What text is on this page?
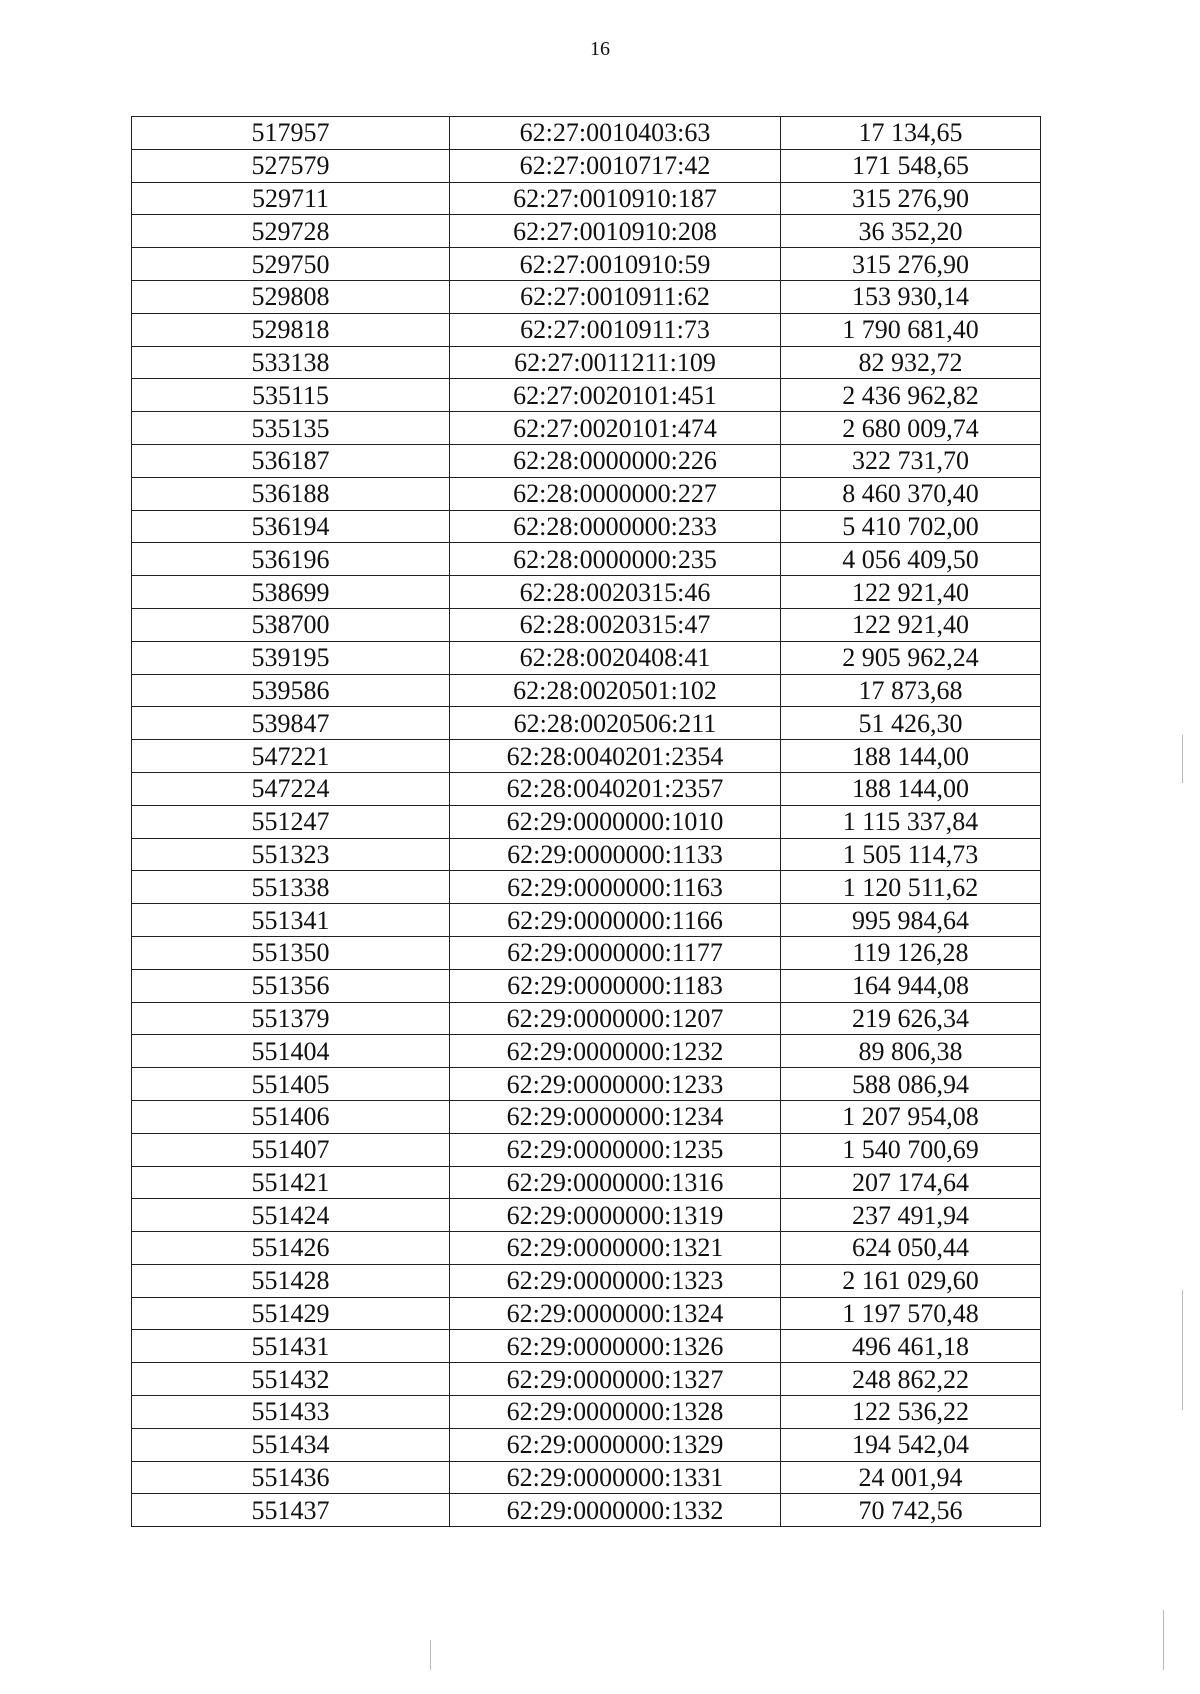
16
517957	62:27:0010403:63	17 134,65
527579	62:27:0010717:42	171 548,65
529711	62:27:0010910:187	315 276,90
529728	62:27:0010910:208	36 352,20
529750	62:27:0010910:59	315 276,90
529808	62:27:0010911:62	153 930,14
529818	62:27:0010911:73	1 790 681,40
533138	62:27:0011211:109	82 932,72
535115	62:27:0020101:451	2 436 962,82
535135	62:27:0020101:474	2 680 009,74
536187	62:28:0000000:226	322 731,70
536188	62:28:0000000:227	8 460 370,40
536194	62:28:0000000:233	5 410 702,00
536196	62:28:0000000:235	4 056 409,50
538699	62:28:0020315:46	122 921,40
538700	62:28:0020315:47	122 921,40
539195	62:28:0020408:41	2 905 962,24
539586	62:28:0020501:102	17 873,68
539847	62:28:0020506:211	51 426,30
547221	62:28:0040201:2354	188 144,00
547224	62:28:0040201:2357	188 144,00
551247	62:29:0000000:1010	1 115 337,84
551323	62:29:0000000:1133	1 505 114,73
551338	62:29:0000000:1163	1 120 511,62
551341	62:29:0000000:1166	995 984,64
551350	62:29:0000000:1177	119 126,28
551356	62:29:0000000:1183	164 944,08
551379	62:29:0000000:1207	219 626,34
551404	62:29:0000000:1232	89 806,38
551405	62:29:0000000:1233	588 086,94
551406	62:29:0000000:1234	1 207 954,08
551407	62:29:0000000:1235	1 540 700,69
551421	62:29:0000000:1316	207 174,64
551424	62:29:0000000:1319	237 491,94
551426	62:29:0000000:1321	624 050,44
551428	62:29:0000000:1323	2 161 029,60
551429	62:29:0000000:1324	1 197 570,48
551431	62:29:0000000:1326	496 461,18
551432	62:29:0000000:1327	248 862,22
551433	62:29:0000000:1328	122 536,22
551434	62:29:0000000:1329	194 542,04
551436	62:29:0000000:1331	24 001,94
551437	62:29:0000000:1332	70 742,56
